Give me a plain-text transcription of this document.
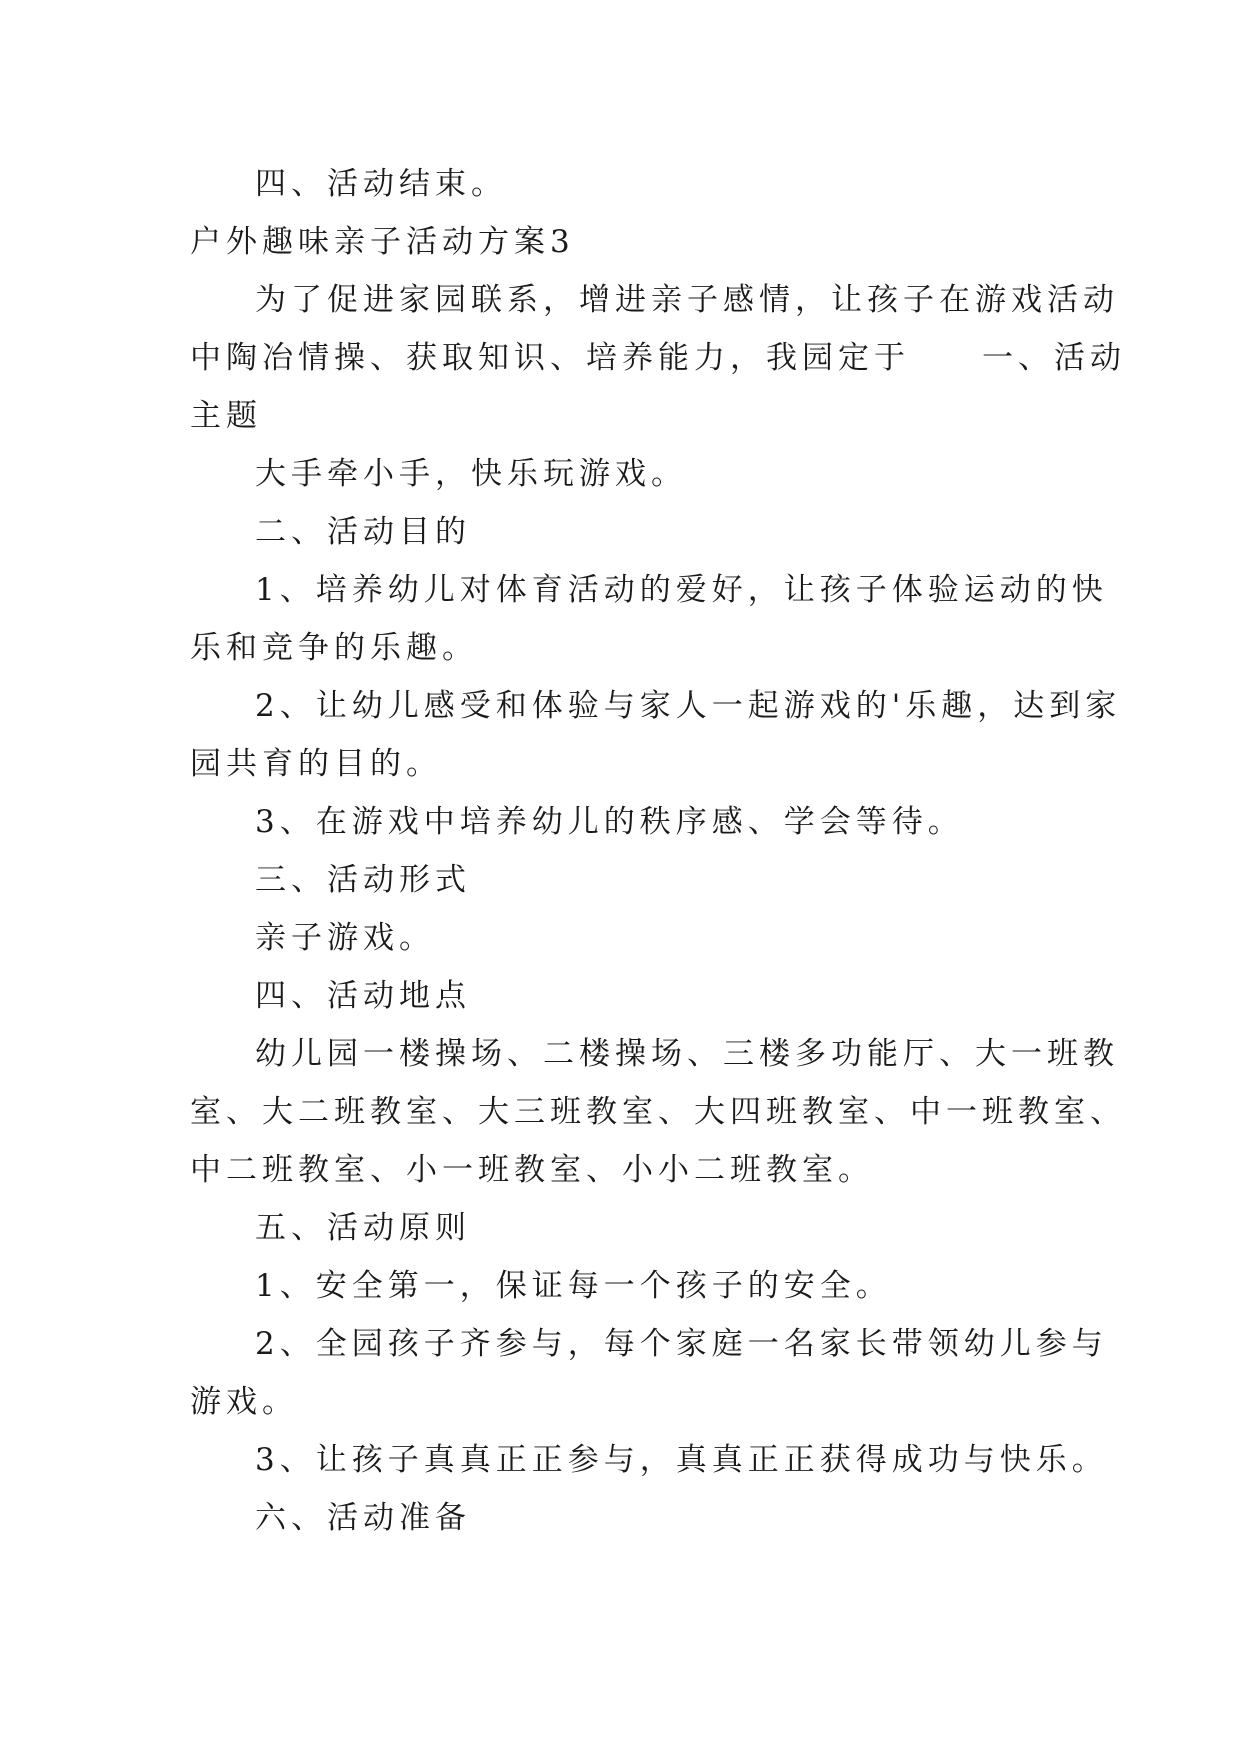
四、活动结束。
户外趣味亲子活动方案3
为了促进家园联系，增进亲子感情，让孩子在游戏活动
中陶冶情操、获取知识、培养能力，我园定于　　一、活动
主题
大手牵小手，快乐玩游戏。
二、活动目的
1、培养幼儿对体育活动的爱好，让孩子体验运动的快
乐和竞争的乐趣。
2、让幼儿感受和体验与家人一起游戏的'乐趣，达到家
园共育的目的。
3、在游戏中培养幼儿的秩序感、学会等待。
三、活动形式
亲子游戏。
四、活动地点
幼儿园一楼操场、二楼操场、三楼多功能厅、大一班教
室、大二班教室、大三班教室、大四班教室、中一班教室、
中二班教室、小一班教室、小小二班教室。
五、活动原则
1、安全第一，保证每一个孩子的安全。
2、全园孩子齐参与，每个家庭一名家长带领幼儿参与
游戏。
3、让孩子真真正正参与，真真正正获得成功与快乐。
六、活动准备
